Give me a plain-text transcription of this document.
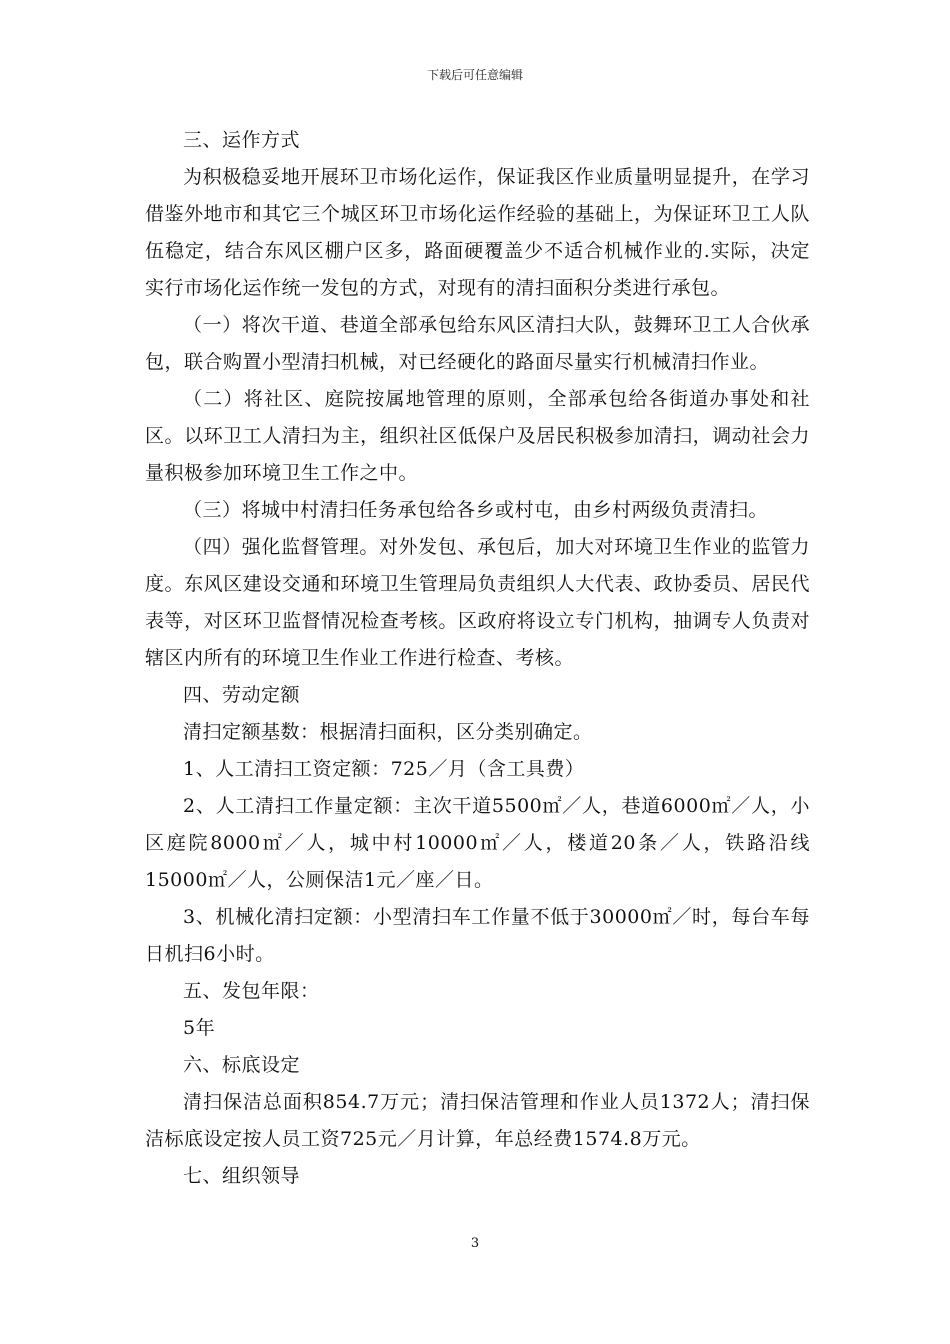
下载后可任意编辑

三、运作方式

为积极稳妥地开展环卫市场化运作，保证我区作业质量明显提升，在学习借鉴外地市和其它三个城区环卫市场化运作经验的基础上，为保证环卫工人队伍稳定，结合东风区棚户区多，路面硬覆盖少不适合机械作业的.实际，决定实行市场化运作统一发包的方式，对现有的清扫面积分类进行承包。

（一）将次干道、巷道全部承包给东风区清扫大队，鼓舞环卫工人合伙承包，联合购置小型清扫机械，对已经硬化的路面尽量实行机械清扫作业。

（二）将社区、庭院按属地管理的原则，全部承包给各街道办事处和社区。以环卫工人清扫为主，组织社区低保户及居民积极参加清扫，调动社会力量积极参加环境卫生工作之中。

（三）将城中村清扫任务承包给各乡或村屯，由乡村两级负责清扫。

（四）强化监督管理。对外发包、承包后，加大对环境卫生作业的监管力度。东风区建设交通和环境卫生管理局负责组织人大代表、政协委员、居民代表等，对区环卫监督情况检查考核。区政府将设立专门机构，抽调专人负责对辖区内所有的环境卫生作业工作进行检查、考核。

四、劳动定额

清扫定额基数：根据清扫面积，区分类别确定。

1、人工清扫工资定额：725／月（含工具费）

2、人工清扫工作量定额：主次干道5500㎡／人，巷道6000㎡／人，小区庭院8000㎡／人，城中村10000㎡／人，楼道20条／人，铁路沿线15000㎡／人，公厕保洁1元／座／日。

3、机械化清扫定额：小型清扫车工作量不低于30000㎡／时，每台车每日机扫6小时。

五、发包年限：

5年

六、标底设定

清扫保洁总面积854.7万元；清扫保洁管理和作业人员1372人；清扫保洁标底设定按人员工资725元／月计算，年总经费1574.8万元。

七、组织领导

3
